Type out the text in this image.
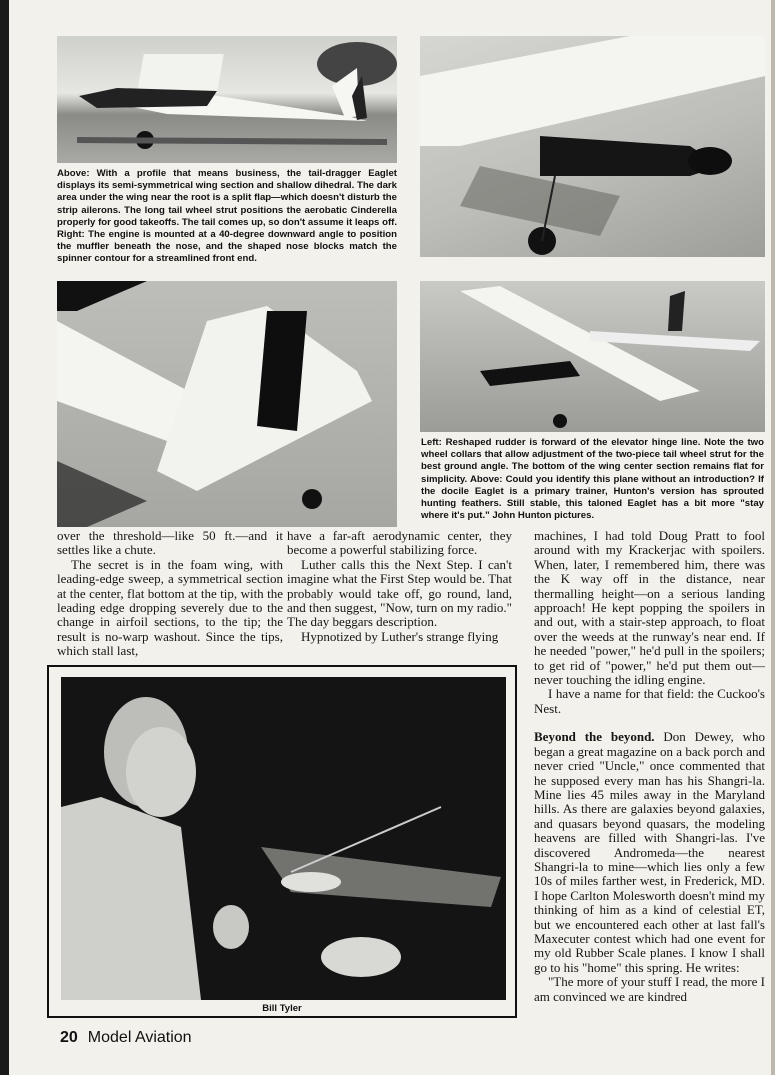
Above: With a profile that means business, the tail-dragger Eaglet displays its semi-symmetrical wing section and shallow dihedral. The dark area under the wing near the root is a split flap—which doesn't disturb the strip ailerons. The long tail wheel strut positions the aerobatic Cinderella properly for good takeoffs. The tail comes up, so don't assume it leaps off. Right: The engine is mounted at a 40-degree downward angle to position the muffler beneath the nose, and the shaped nose blocks match the spinner contour for a streamlined front end.

Left: Reshaped rudder is forward of the elevator hinge line. Note the two wheel collars that allow adjustment of the two-piece tail wheel strut for the best ground angle. The bottom of the wing center section remains flat for simplicity. Above: Could you identify this plane without an introduction? If the docile Eaglet is a primary trainer, Hunton's version has sprouted hunting feathers. Still stable, this taloned Eaglet has a bit more "stay where it's put." John Hunton pictures.

over the threshold—like 50 ft.—and it settles like a chute.

The secret is in the foam wing, with leading-edge sweep, a symmetrical section at the center, flat bottom at the tip, with the leading edge dropping severely due to the change in airfoil sections, to the tip; the result is no-warp washout. Since the tips, which stall last,

have a far-aft aerodynamic center, they become a powerful stabilizing force.

Luther calls this the Next Step. I can't imagine what the First Step would be. That probably would take off, go round, land, and then suggest, "Now, turn on my radio." The day beggars description.

Hypnotized by Luther's strange flying

machines, I had told Doug Pratt to fool around with my Krackerjac with spoilers. When, later, I remembered him, there was the K way off in the distance, near thermalling height—on a serious landing approach! He kept popping the spoilers in and out, with a stair-step approach, to float over the weeds at the runway's near end. If he needed "power," he'd pull in the spoilers; to get rid of "power," he'd put them out—never touching the idling engine.

I have a name for that field: the Cuckoo's Nest.

Beyond the beyond. Don Dewey, who began a great magazine on a back porch and never cried "Uncle," once commented that he supposed every man has his Shangri-la. Mine lies 45 miles away in the Maryland hills. As there are galaxies beyond galaxies, and quasars beyond quasars, the modeling heavens are filled with Shangri-las. I've discovered Andromeda—the nearest Shangri-la to mine—which lies only a few 10s of miles farther west, in Frederick, MD. I hope Carlton Molesworth doesn't mind my thinking of him as a kind of celestial ET, but we encountered each other at last fall's Maxecuter contest which had one event for my old Rubber Scale planes. I know I shall go to his "home" this spring. He writes:

"The more of your stuff I read, the more I am convinced we are kindred

Bill Tyler
20 Model Aviation
